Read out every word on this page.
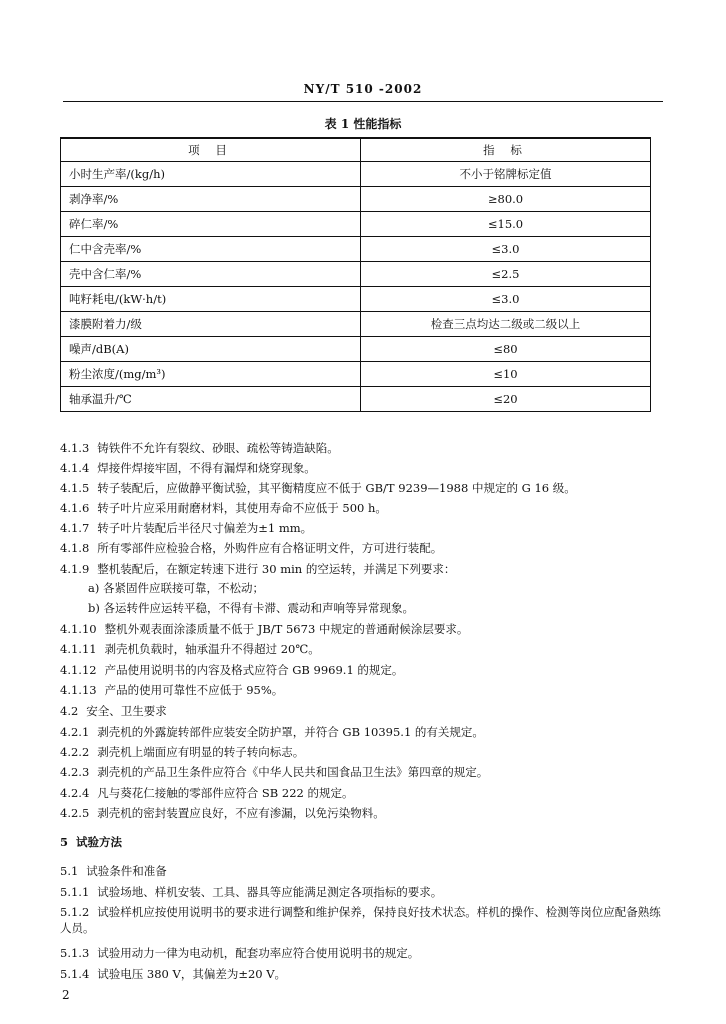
NY/T 510 -2002
表 1 性能指标
项 目	指 标
小时生产率/(kg/h)	不小于铭牌标定值
剥净率/%	≥80.0
碎仁率/%	≤15.0
仁中含壳率/%	≤3.0
壳中含仁率/%	≤2.5
吨籽耗电/(kW·h/t)	≤3.0
漆膜附着力/级	检查三点均达二级或二级以上
噪声/dB(A)	≤80
粉尘浓度/(mg/m³)	≤10
轴承温升/℃	≤20
4.1.3 铸铁件不允许有裂纹、砂眼、疏松等铸造缺陷。
4.1.4 焊接件焊接牢固，不得有漏焊和烧穿现象。
4.1.5 转子装配后，应做静平衡试验，其平衡精度应不低于 GB/T 9239—1988 中规定的 G 16 级。
4.1.6 转子叶片应采用耐磨材料，其使用寿命不应低于 500 h。
4.1.7 转子叶片装配后半径尺寸偏差为±1 mm。
4.1.8 所有零部件应检验合格，外购件应有合格证明文件，方可进行装配。
4.1.9 整机装配后，在额定转速下进行 30 min 的空运转，并满足下列要求：
a) 各紧固件应联接可靠，不松动；
b) 各运转件应运转平稳，不得有卡滞、震动和声响等异常现象。
4.1.10 整机外观表面涂漆质量不低于 JB/T 5673 中规定的普通耐候涂层要求。
4.1.11 剥壳机负载时，轴承温升不得超过 20℃。
4.1.12 产品使用说明书的内容及格式应符合 GB 9969.1 的规定。
4.1.13 产品的使用可靠性不应低于 95%。
4.2 安全、卫生要求
4.2.1 剥壳机的外露旋转部件应装安全防护罩，并符合 GB 10395.1 的有关规定。
4.2.2 剥壳机上端面应有明显的转子转向标志。
4.2.3 剥壳机的产品卫生条件应符合《中华人民共和国食品卫生法》第四章的规定。
4.2.4 凡与葵花仁接触的零部件应符合 SB 222 的规定。
4.2.5 剥壳机的密封装置应良好，不应有渗漏，以免污染物料。
5 试验方法
5.1 试验条件和准备
5.1.1 试验场地、样机安装、工具、器具等应能满足测定各项指标的要求。
5.1.2 试验样机应按使用说明书的要求进行调整和维护保养，保持良好技术状态。样机的操作、检测等岗位应配备熟练人员。
5.1.3 试验用动力一律为电动机，配套功率应符合使用说明书的规定。
5.1.4 试验电压 380 V，其偏差为±20 V。
2
